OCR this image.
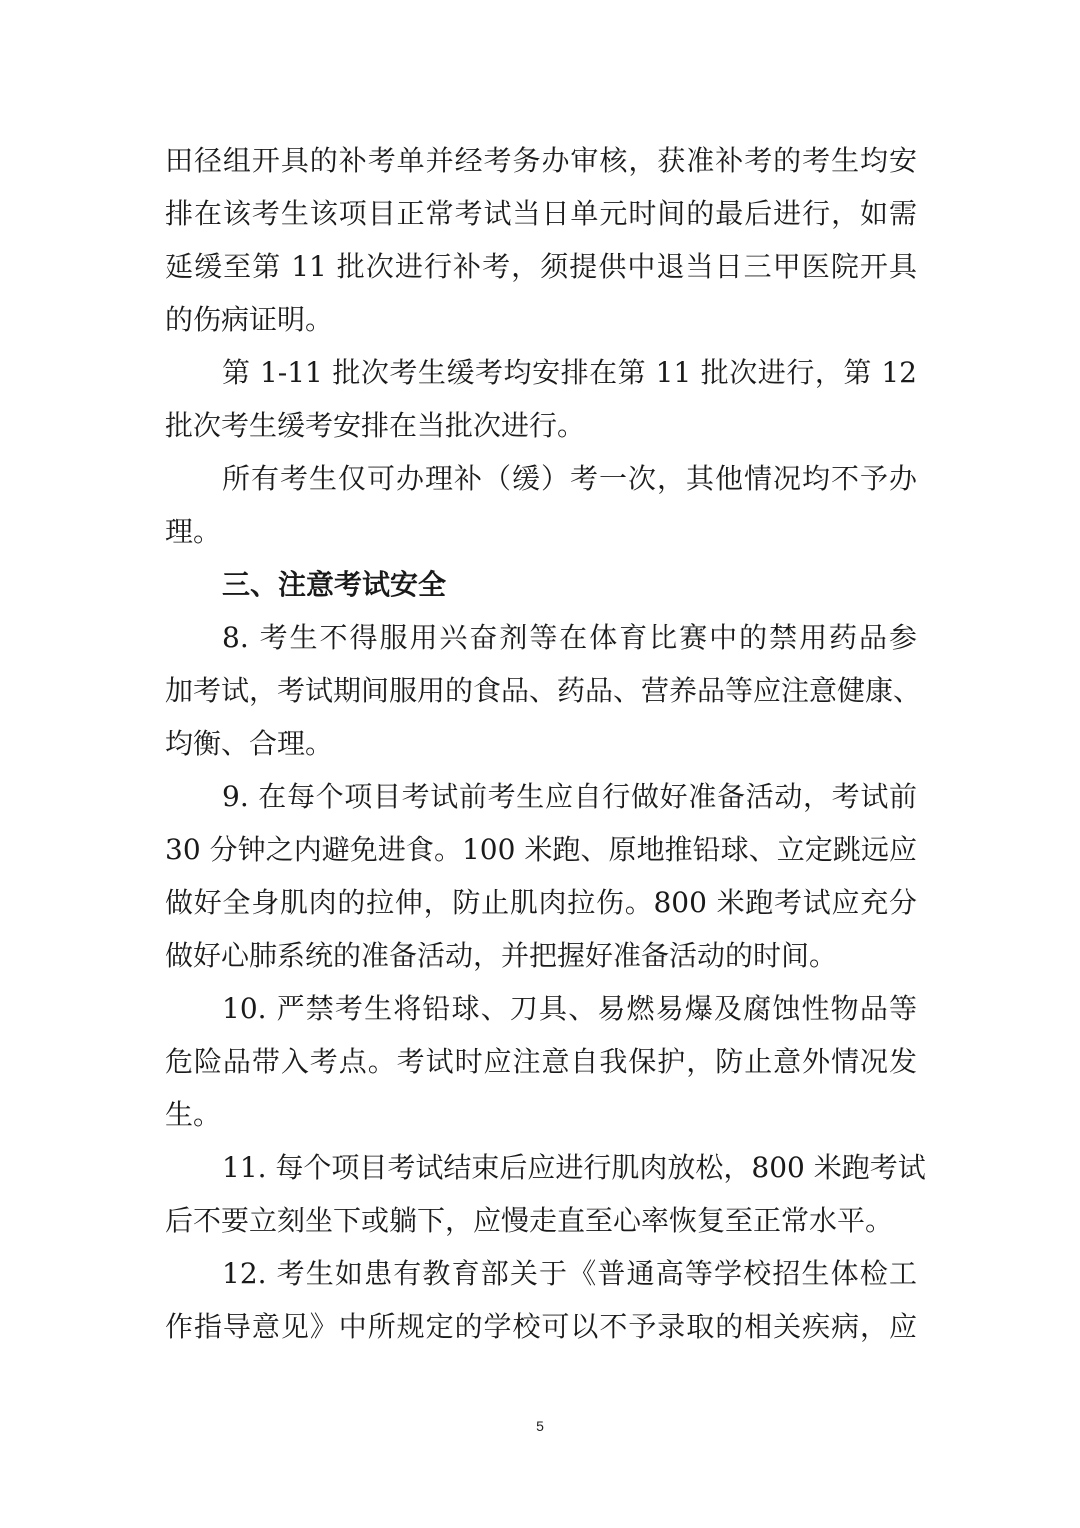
田径组开具的补考单并经考务办审核，获准补考的考生均安
排在该考生该项目正常考试当日单元时间的最后进行，如需
延缓至第 11 批次进行补考，须提供中退当日三甲医院开具
的伤病证明。
第 1-11 批次考生缓考均安排在第 11 批次进行，第 12
批次考生缓考安排在当批次进行。
所有考生仅可办理补（缓）考一次，其他情况均不予办
理。
三、注意考试安全
8. 考生不得服用兴奋剂等在体育比赛中的禁用药品参
加考试，考试期间服用的食品、药品、营养品等应注意健康、
均衡、合理。
9. 在每个项目考试前考生应自行做好准备活动，考试前
30 分钟之内避免进食。100 米跑、原地推铅球、立定跳远应
做好全身肌肉的拉伸，防止肌肉拉伤。800 米跑考试应充分
做好心肺系统的准备活动，并把握好准备活动的时间。
10. 严禁考生将铅球、刀具、易燃易爆及腐蚀性物品等
危险品带入考点。考试时应注意自我保护，防止意外情况发
生。
11. 每个项目考试结束后应进行肌肉放松，800 米跑考试
后不要立刻坐下或躺下，应慢走直至心率恢复至正常水平。
12. 考生如患有教育部关于《普通高等学校招生体检工
作指导意见》中所规定的学校可以不予录取的相关疾病，应
5
